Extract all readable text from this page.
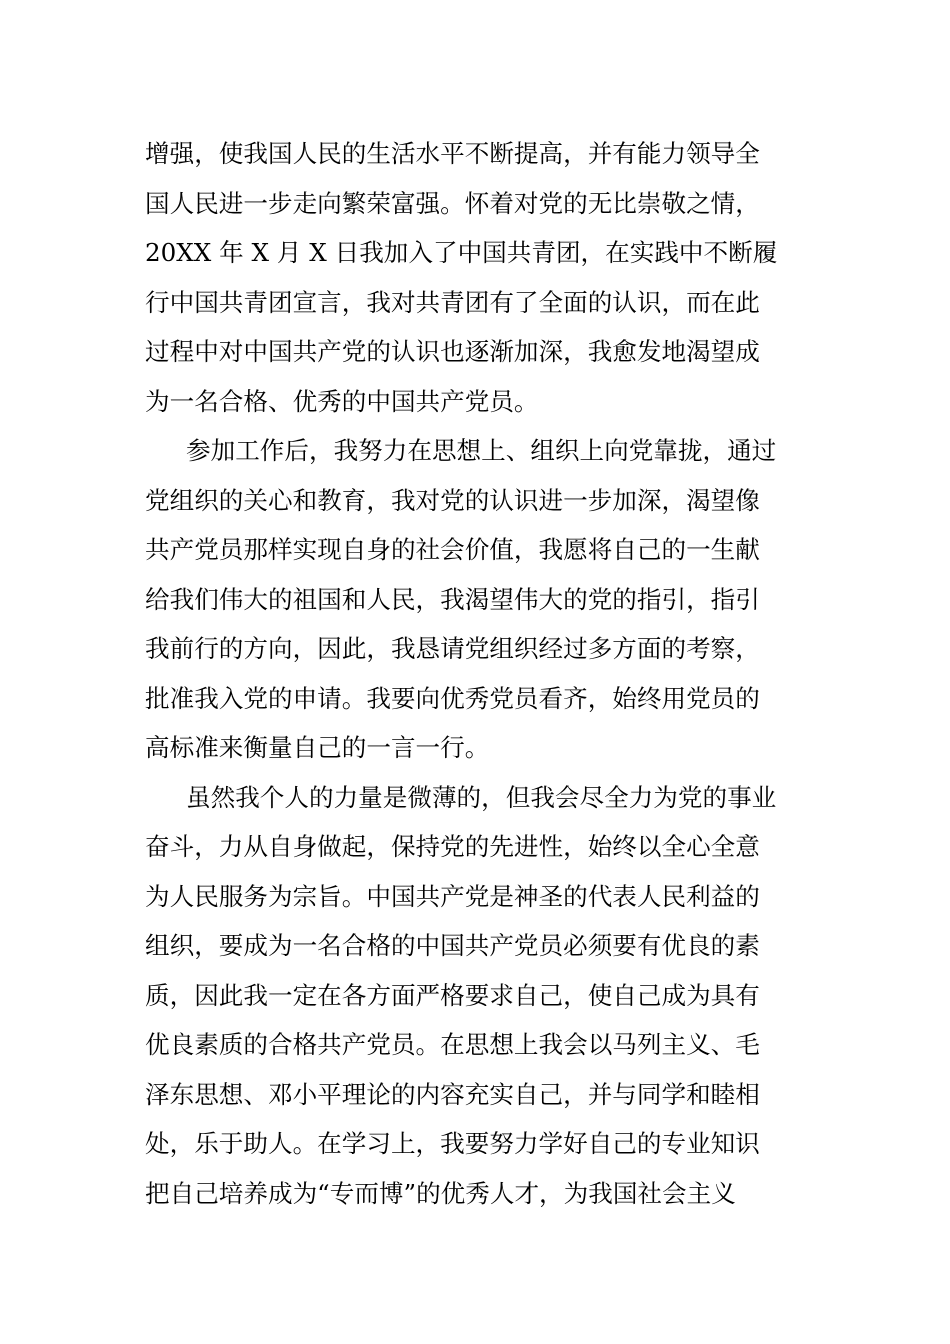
增强，使我国人民的生活水平不断提高，并有能力领导全
国人民进一步走向繁荣富强。怀着对党的无比崇敬之情，
20XX 年 X 月 X 日我加入了中国共青团，在实践中不断履
行中国共青团宣言，我对共青团有了全面的认识，而在此
过程中对中国共产党的认识也逐渐加深，我愈发地渴望成
为一名合格、优秀的中国共产党员。
参加工作后，我努力在思想上、组织上向党靠拢，通过
党组织的关心和教育，我对党的认识进一步加深，渴望像
共产党员那样实现自身的社会价值，我愿将自己的一生献
给我们伟大的祖国和人民，我渴望伟大的党的指引，指引
我前行的方向，因此，我恳请党组织经过多方面的考察，
批准我入党的申请。我要向优秀党员看齐，始终用党员的
高标准来衡量自己的一言一行。
虽然我个人的力量是微薄的，但我会尽全力为党的事业
奋斗，力从自身做起，保持党的先进性，始终以全心全意
为人民服务为宗旨。中国共产党是神圣的代表人民利益的
组织，要成为一名合格的中国共产党员必须要有优良的素
质，因此我一定在各方面严格要求自己，使自己成为具有
优良素质的合格共产党员。在思想上我会以马列主义、毛
泽东思想、邓小平理论的内容充实自己，并与同学和睦相
处，乐于助人。在学习上，我要努力学好自己的专业知识
把自己培养成为“专而博”的优秀人才，为我国社会主义
